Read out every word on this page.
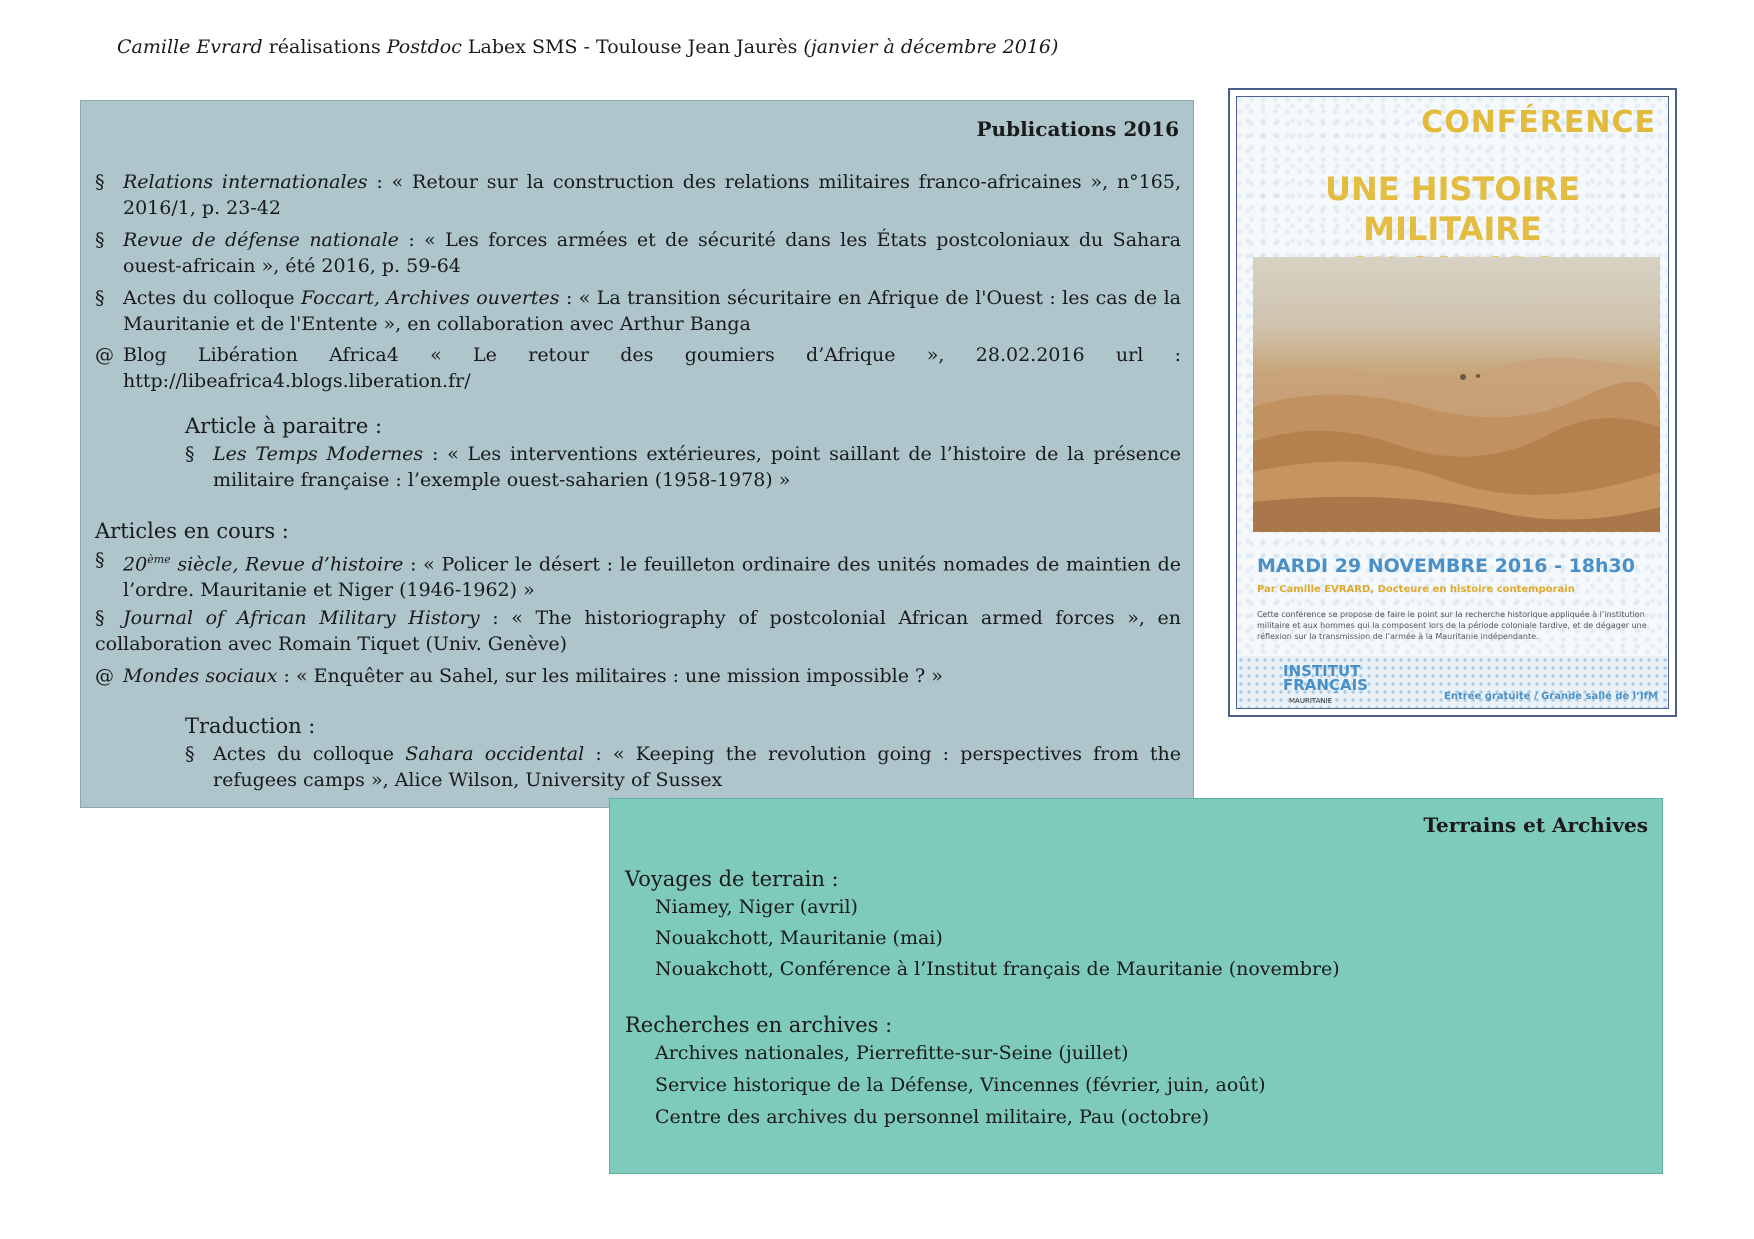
Camille Evrard réalisations Postdoc Labex SMS - Toulouse Jean Jaurès (janvier à décembre 2016)
Publications 2016
§ Relations internationales : « Retour sur la construction des relations militaires franco-africaines », n°165, 2016/1, p. 23-42
§ Revue de défense nationale : « Les forces armées et de sécurité dans les États postcoloniaux du Sahara ouest-africain », été 2016, p. 59-64
§ Actes du colloque Foccart, Archives ouvertes : « La transition sécuritaire en Afrique de l'Ouest : les cas de la Mauritanie et de l'Entente », en collaboration avec Arthur Banga
@ Blog Libération Africa4 « Le retour des goumiers d’Afrique », 28.02.2016 url : http://libeafrica4.blogs.liberation.fr/
Article à paraitre :
§ Les Temps Modernes : « Les interventions extérieures, point saillant de l’histoire de la présence militaire française : l’exemple ouest-saharien (1958-1978) »
Articles en cours :
§ 20ème siècle, Revue d’histoire : « Policer le désert : le feuilleton ordinaire des unités nomades de maintien de l’ordre. Mauritanie et Niger (1946-1962) »
§ Journal of African Military History : « The historiography of postcolonial African armed forces », en collaboration avec Romain Tiquet (Univ. Genève)
@ Mondes sociaux : « Enquêter au Sahel, sur les militaires : une mission impossible ? »
Traduction :
§ Actes du colloque Sahara occidental : « Keeping the revolution going : perspectives from the refugees camps », Alice Wilson, University of Sussex
CONFÉRENCE
UNE HISTOIRE MILITAIRE
MARDI 29 NOVEMBRE 2016 - 18h30
Par Camille EVRARD, Docteure en histoire contemporain
Cette conférence se propose de faire le point sur la recherche historique appliquée à l’institution militaire et aux hommes qui la composent lors de la période coloniale tardive, et de dégager une réflexion sur la transmission de l’armée à la Mauritanie indépendante.
INSTITUT
FRANÇAIS
MAURITANIE	Entrée gratuite / Grande salle de l’IfM
Terrains et Archives
Voyages de terrain :
Niamey, Niger (avril)
Nouakchott, Mauritanie (mai)
Nouakchott, Conférence à l’Institut français de Mauritanie (novembre)
Recherches en archives :
Archives nationales, Pierrefitte-sur-Seine (juillet)
Service historique de la Défense, Vincennes (février, juin, août)
Centre des archives du personnel militaire, Pau (octobre)
